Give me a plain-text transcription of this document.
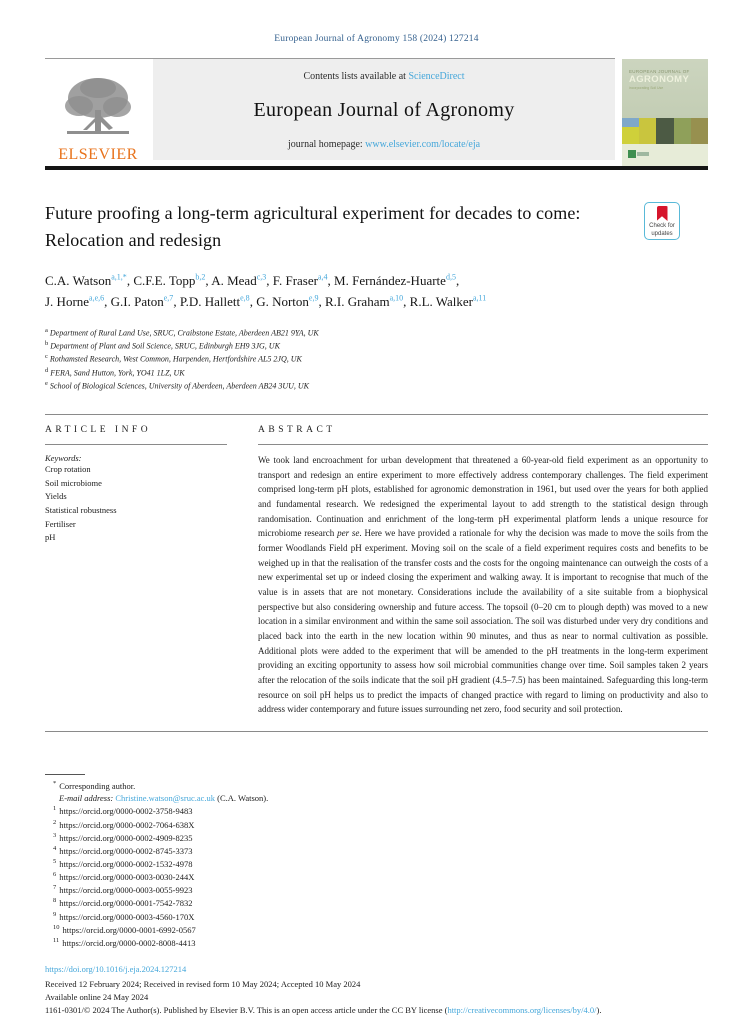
European Journal of Agronomy 158 (2024) 127214
ELSEVIER
Contents lists available at ScienceDirect
European Journal of Agronomy
journal homepage: www.elsevier.com/locate/eja
EUROPEAN JOURNAL OF
AGRONOMY
incorporating Soil Use
Future proofing a long-term agricultural experiment for decades to come:
Relocation and redesign
Check for updates

C.A. Watson$^{a,1,*}$, C.F.E. Topp$^{b,2}$, A. Mead$^{c,3}$, F. Fraser$^{a,4}$, M. Fernández-Huarte$^{d,5}$,
J. Horne$^{a,e,6}$, G.I. Paton$^{e,7}$, P.D. Hallett$^{e,8}$, G. Norton$^{e,9}$, R.I. Graham$^{a,10}$, R.L. Walker$^{a,11}$

$^a$ Department of Rural Land Use, SRUC, Craibstone Estate, Aberdeen AB21 9YA, UK
$^b$ Department of Plant and Soil Science, SRUC, Edinburgh EH9 3JG, UK
$^c$ Rothamsted Research, West Common, Harpenden, Hertfordshire AL5 2JQ, UK
$^d$ FERA, Sand Hutton, York, YO41 1LZ, UK
$^e$ School of Biological Sciences, University of Aberdeen, Aberdeen AB24 3UU, UK
ARTICLE INFO
Keywords:
Crop rotation
Soil microbiome
Yields
Statistical robustness
Fertiliser
pH
ABSTRACT

We took land encroachment for urban development that threatened a 60-year-old field experiment as an opportunity to transport and redesign an entire experiment to more effectively address contemporary challenges. The field experiment comprised long-term pH plots, established for agronomic demonstration in 1961, but used over the years for both applied and fundamental research. We redesigned the experimental layout to add strength to the statistical design through randomisation. Continuation and enrichment of the long-term pH experimental platform lends a unique resource for microbiome research per se. Here we have provided a rationale for why the decision was made to move the soils from the former Woodlands Field pH experiment. Moving soil on the scale of a field experiment requires costs and benefits to be weighed up in that the realisation of the transfer costs and the costs for the ongoing maintenance can outweigh the costs of a new experimental set up or indeed closing the experiment and walking away. It is important to recognise that much of the value is in assets that are not monetary. Considerations include the availability of a site suitable from a biophysical perspective but also considering ownership and future access. The topsoil (0–20 cm to plough depth) was moved to a new location in a similar environment and within the same soil association. The soil was disturbed under very dry conditions and placed back into the earth in the new location within 90 minutes, and thus as near to normal cultivation as possible. Additional plots were added to the experiment that will be amended to the pH treatments in the long-term experiment providing an exciting opportunity to assess how soil microbial communities change over time. Soil samples taken 2 years after the relocation of the soils indicate that the soil pH gradient (4.5–7.5) has been maintained. Safeguarding this long-term resource on soil pH helps us to predict the impacts of changed practice with regard to liming on productivity and also to address wider contemporary and future issues surrounding net zero, food security and soil protection.

* Corresponding author.
E-mail address: Christine.watson@sruc.ac.uk (C.A. Watson).
$^1$ https://orcid.org/0000-0002-3758-9483
$^2$ https://orcid.org/0000-0002-7064-638X
$^3$ https://orcid.org/0000-0002-4909-8235
$^4$ https://orcid.org/0000-0002-8745-3373
$^5$ https://orcid.org/0000-0002-1532-4978
$^6$ https://orcid.org/0000-0003-0030-244X
$^7$ https://orcid.org/0000-0003-0055-9923
$^8$ https://orcid.org/0000-0001-7542-7832
$^9$ https://orcid.org/0000-0003-4560-170X
$^{10}$ https://orcid.org/0000-0001-6992-0567
$^{11}$ https://orcid.org/0000-0002-8008-4413
https://doi.org/10.1016/j.eja.2024.127214
Received 12 February 2024; Received in revised form 10 May 2024; Accepted 10 May 2024
Available online 24 May 2024
1161-0301/© 2024 The Author(s). Published by Elsevier B.V. This is an open access article under the CC BY license (http://creativecommons.org/licenses/by/4.0/).
